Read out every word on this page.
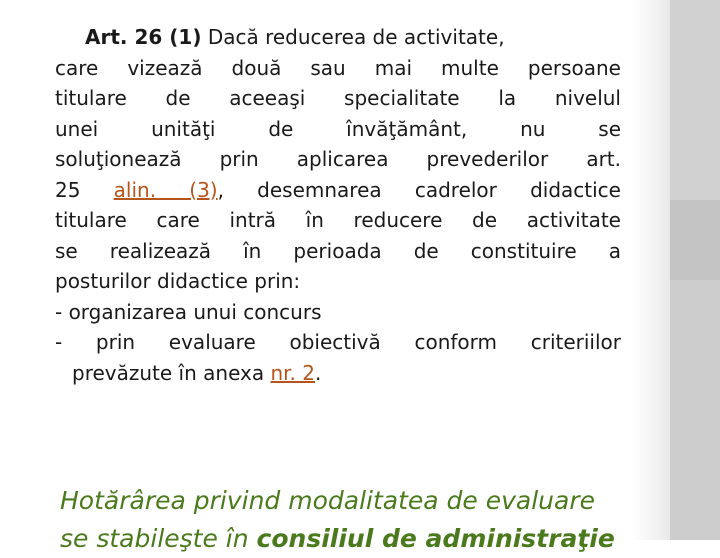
Art. 26 (1) Dacă reducerea de activitate,
care vizează două sau mai multe persoane
titulare de aceeaşi specialitate la nivelul
unei unităţi de învăţământ, nu se
soluţionează prin aplicarea prevederilor art.
25 alin. (3), desemnarea cadrelor didactice
titulare care intră în reducere de activitate
se realizează în perioada de constituire a
posturilor didactice prin:
- organizarea unui concurs
- prin evaluare obiectivă conform criteriilor
prevăzute în anexa nr. 2.
Hotărârea privind modalitatea de evaluare
se stabileşte în consiliul de administraţie
